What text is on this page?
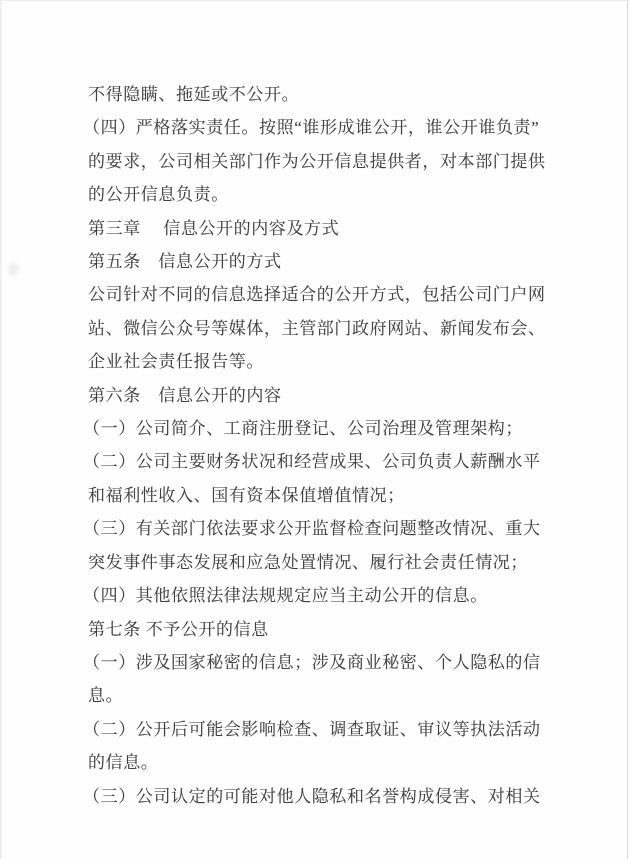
不得隐瞒、拖延或不公开。

（四）严格落实责任。按照“谁形成谁公开，谁公开谁负责”

的要求，公司相关部门作为公开信息提供者，对本部门提供

的公开信息负责。

第三章　 信息公开的内容及方式

第五条　信息公开的方式

公司针对不同的信息选择适合的公开方式，包括公司门户网

站、微信公众号等媒体，主管部门政府网站、新闻发布会、

企业社会责任报告等。

第六条　信息公开的内容

（一）公司简介、工商注册登记、公司治理及管理架构；

（二）公司主要财务状况和经营成果、公司负责人薪酬水平

和福利性收入、国有资本保值增值情况；

（三）有关部门依法要求公开监督检查问题整改情况、重大

突发事件事态发展和应急处置情况、履行社会责任情况；

（四）其他依照法律法规规定应当主动公开的信息。

第七条 不予公开的信息

（一）涉及国家秘密的信息；涉及商业秘密、个人隐私的信

息。

（二）公开后可能会影响检查、调查取证、审议等执法活动

的信息。

（三）公司认定的可能对他人隐私和名誉构成侵害、对相关
